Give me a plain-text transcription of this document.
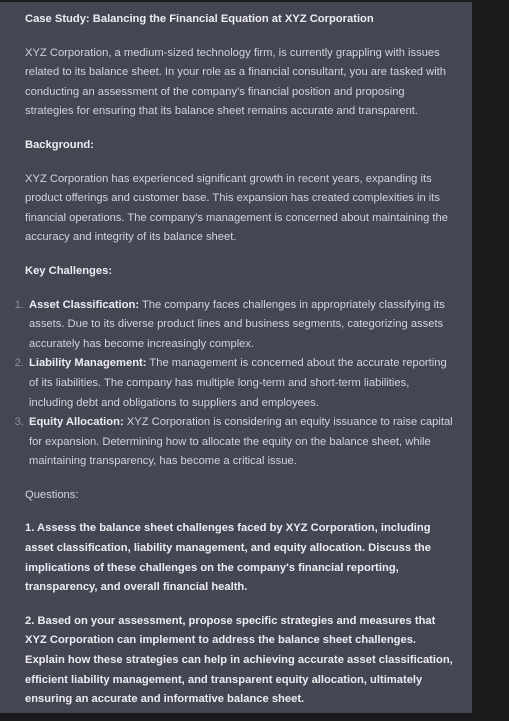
Case Study: Balancing the Financial Equation at XYZ Corporation

XYZ Corporation, a medium-sized technology firm, is currently grappling with issues related to its balance sheet. In your role as a financial consultant, you are tasked with conducting an assessment of the company's financial position and proposing strategies for ensuring that its balance sheet remains accurate and transparent.

Background:

XYZ Corporation has experienced significant growth in recent years, expanding its product offerings and customer base. This expansion has created complexities in its financial operations. The company's management is concerned about maintaining the accuracy and integrity of its balance sheet.

Key Challenges:
1. Asset Classification: The company faces challenges in appropriately classifying its assets. Due to its diverse product lines and business segments, categorizing assets accurately has become increasingly complex.
2. Liability Management: The management is concerned about the accurate reporting of its liabilities. The company has multiple long-term and short-term liabilities, including debt and obligations to suppliers and employees.
3. Equity Allocation: XYZ Corporation is considering an equity issuance to raise capital for expansion. Determining how to allocate the equity on the balance sheet, while maintaining transparency, has become a critical issue.
Questions:

1. Assess the balance sheet challenges faced by XYZ Corporation, including asset classification, liability management, and equity allocation. Discuss the implications of these challenges on the company's financial reporting, transparency, and overall financial health.

2. Based on your assessment, propose specific strategies and measures that XYZ Corporation can implement to address the balance sheet challenges. Explain how these strategies can help in achieving accurate asset classification, efficient liability management, and transparent equity allocation, ultimately ensuring an accurate and informative balance sheet.
